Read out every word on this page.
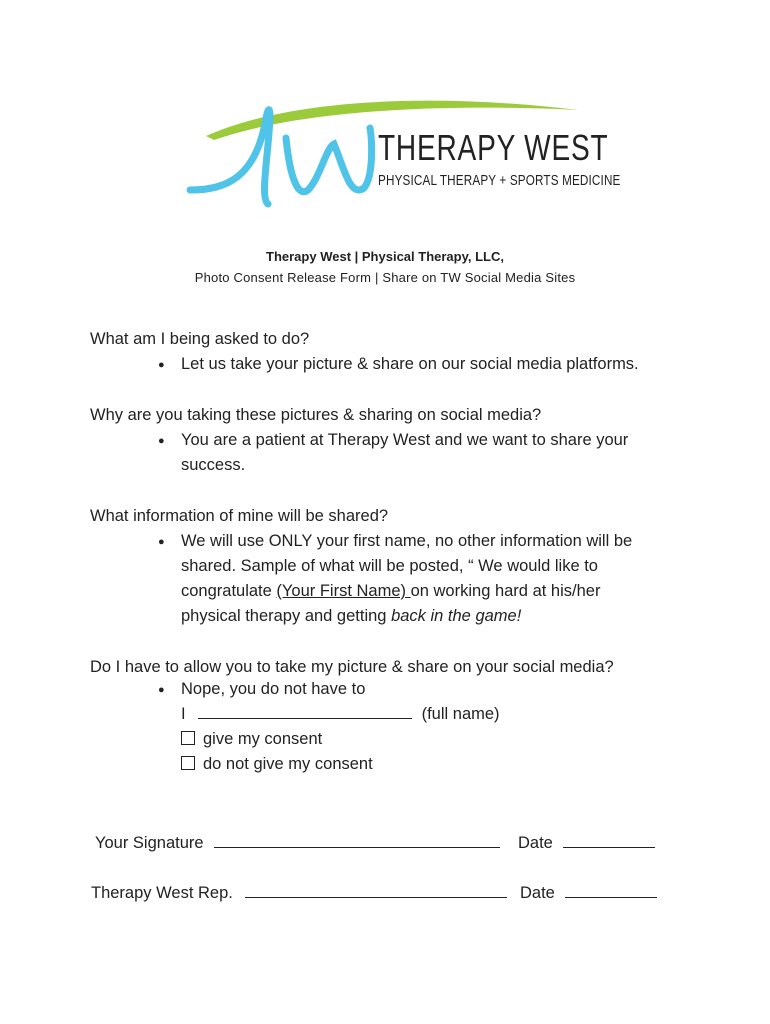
THERAPY WEST
PHYSICAL THERAPY + SPORTS MEDICINE
Therapy West | Physical Therapy, LLC,
Photo Consent Release Form | Share on TW Social Media Sites
What am I being asked to do?
Let us take your picture & share on our social media platforms.
Why are you taking these pictures & sharing on social media?
You are a patient at Therapy West and we want to share your
success.
What information of mine will be shared?
We will use ONLY your first name, no other information will be
shared. Sample of what will be posted, “ We would like to
congratulate (Your First Name) on working hard at his/her
physical therapy and getting back in the game!
Do I have to allow you to take my picture & share on your social media?
Nope, you do not have to
I	(full name)
give my consent
do not give my consent
Your Signature	Date
Therapy West Rep.	Date
